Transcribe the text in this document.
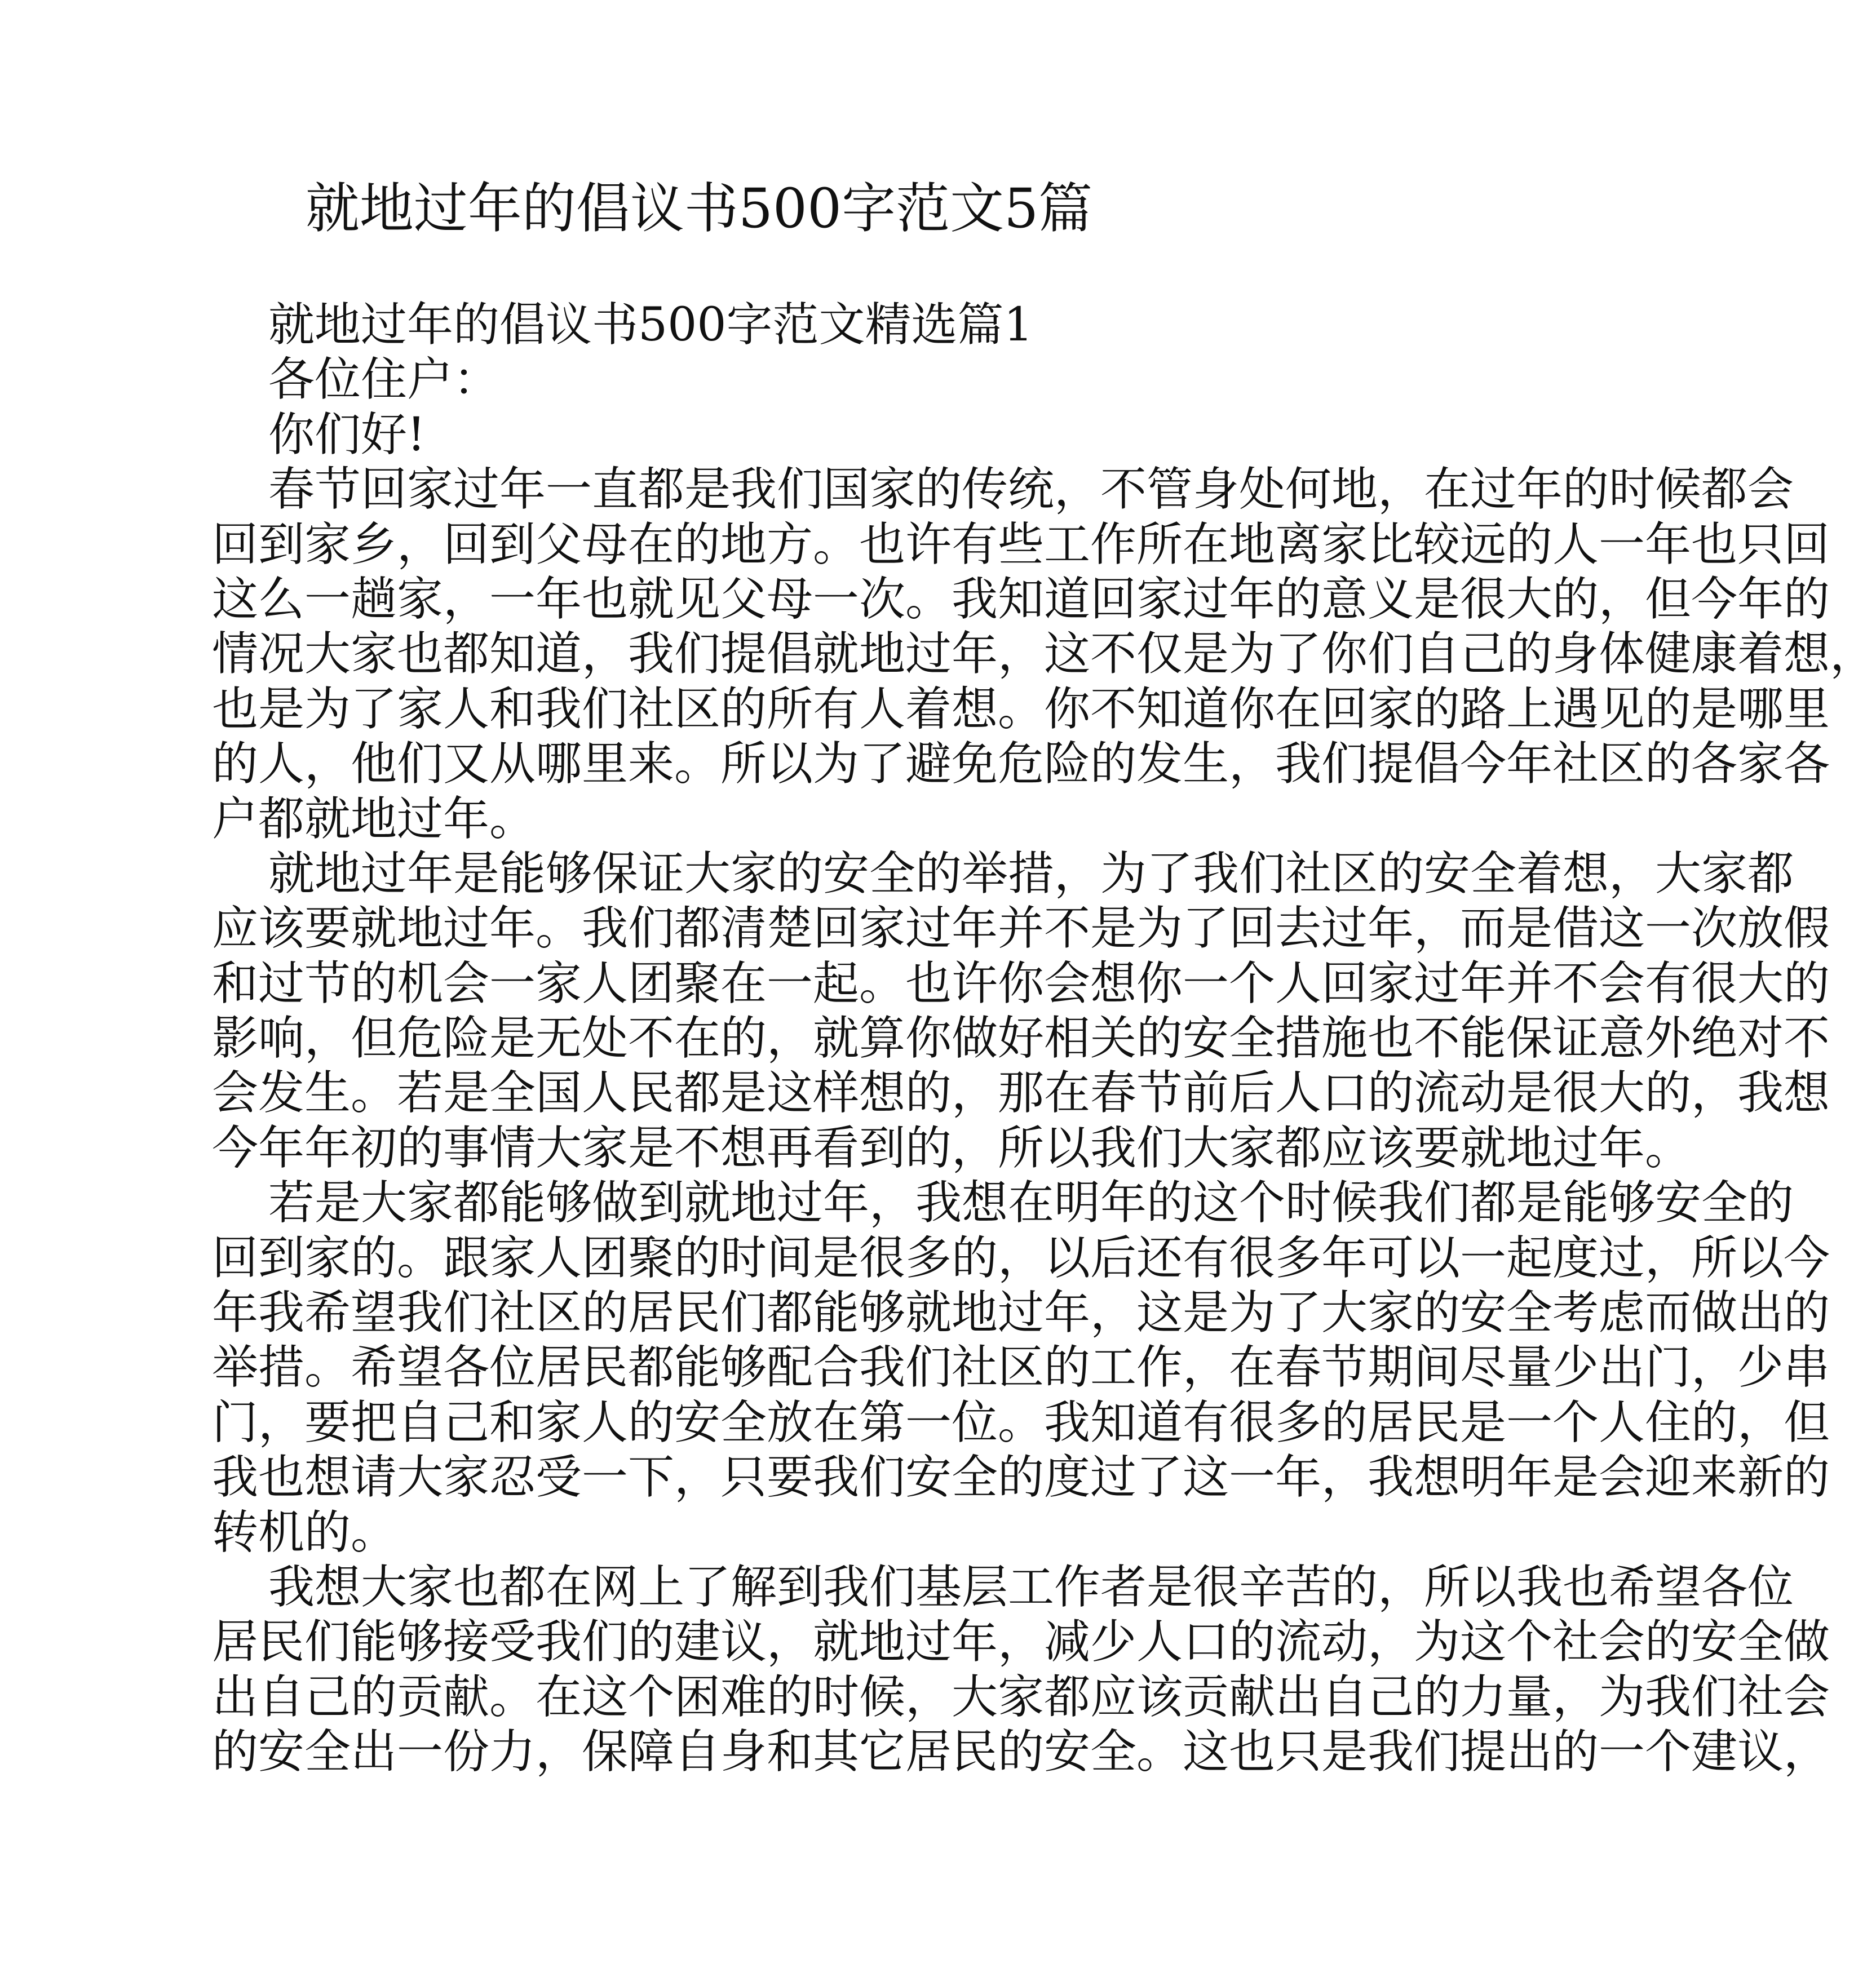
就地过年的倡议书500字范文5篇
就地过年的倡议书500字范文精选篇1
各位住户：
你们好!
春节回家过年一直都是我们国家的传统，不管身处何地，在过年的时候都会
回到家乡，回到父母在的地方。也许有些工作所在地离家比较远的人一年也只回
这么一趟家，一年也就见父母一次。我知道回家过年的意义是很大的，但今年的
情况大家也都知道，我们提倡就地过年，这不仅是为了你们自己的身体健康着想，
也是为了家人和我们社区的所有人着想。你不知道你在回家的路上遇见的是哪里
的人，他们又从哪里来。所以为了避免危险的发生，我们提倡今年社区的各家各
户都就地过年。
就地过年是能够保证大家的安全的举措，为了我们社区的安全着想，大家都
应该要就地过年。我们都清楚回家过年并不是为了回去过年，而是借这一次放假
和过节的机会一家人团聚在一起。也许你会想你一个人回家过年并不会有很大的
影响，但危险是无处不在的，就算你做好相关的安全措施也不能保证意外绝对不
会发生。若是全国人民都是这样想的，那在春节前后人口的流动是很大的，我想
今年年初的事情大家是不想再看到的，所以我们大家都应该要就地过年。
若是大家都能够做到就地过年，我想在明年的这个时候我们都是能够安全的
回到家的。跟家人团聚的时间是很多的，以后还有很多年可以一起度过，所以今
年我希望我们社区的居民们都能够就地过年，这是为了大家的安全考虑而做出的
举措。希望各位居民都能够配合我们社区的工作，在春节期间尽量少出门，少串
门，要把自己和家人的安全放在第一位。我知道有很多的居民是一个人住的，但
我也想请大家忍受一下，只要我们安全的度过了这一年，我想明年是会迎来新的
转机的。
我想大家也都在网上了解到我们基层工作者是很辛苦的，所以我也希望各位
居民们能够接受我们的建议，就地过年，减少人口的流动，为这个社会的安全做
出自己的贡献。在这个困难的时候，大家都应该贡献出自己的力量，为我们社会
的安全出一份力，保障自身和其它居民的安全。这也只是我们提出的一个建议，
